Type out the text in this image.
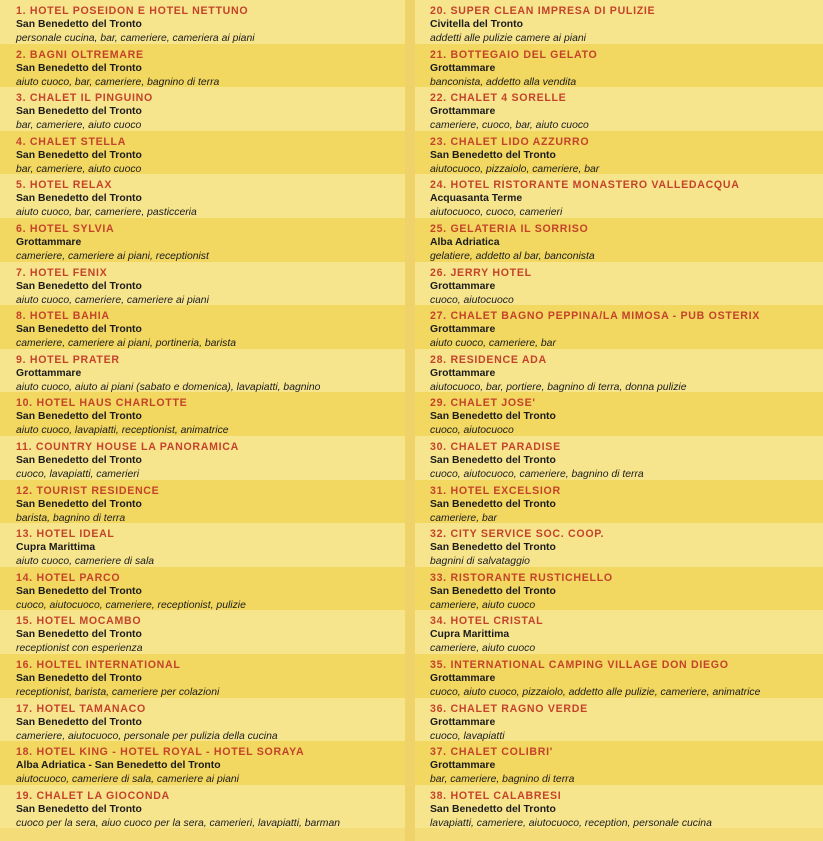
1. HOTEL POSEIDON E HOTEL NETTUNO
San Benedetto del Tronto
personale cucina, bar, cameriere, cameriera ai piani
2. BAGNI OLTREMARE
San Benedetto del Tronto
aiuto cuoco, bar, cameriere, bagnino di terra
3. CHALET IL PINGUINO
San Benedetto del Tronto
bar, cameriere, aiuto cuoco
4. CHALET STELLA
San Benedetto del Tronto
bar, cameriere, aiuto cuoco
5. HOTEL RELAX
San Benedetto del Tronto
aiuto cuoco, bar, cameriere, pasticceria
6. HOTEL SYLVIA
Grottammare
cameriere, cameriere ai piani, receptionist
7. HOTEL FENIX
San Benedetto del Tronto
aiuto cuoco, cameriere, cameriere ai piani
8. HOTEL BAHIA
San Benedetto del Tronto
cameriere, cameriere ai piani, portineria, barista
9. HOTEL PRATER
Grottammare
aiuto cuoco, aiuto ai piani (sabato e domenica), lavapiatti, bagnino
10. HOTEL HAUS CHARLOTTE
San Benedetto del Tronto
aiuto cuoco, lavapiatti, receptionist, animatrice
11. COUNTRY HOUSE LA PANORAMICA
San Benedetto del Tronto
cuoco, lavapiatti, camerieri
12. TOURIST RESIDENCE
San Benedetto del Tronto
barista, bagnino di terra
13. HOTEL IDEAL
Cupra Marittima
aiuto cuoco, cameriere di sala
14. HOTEL PARCO
San Benedetto del Tronto
cuoco, aiutocuoco, cameriere, receptionist, pulizie
15. HOTEL MOCAMBO
San Benedetto del Tronto
receptionist con esperienza
16. HOLTEL INTERNATIONAL
San Benedetto del Tronto
receptionist, barista, cameriere per colazioni
17. HOTEL TAMANACO
San Benedetto del Tronto
cameriere, aiutocuoco, personale per pulizia della cucina
18. HOTEL KING - HOTEL ROYAL - HOTEL SORAYA
Alba Adriatica - San Benedetto del Tronto
aiutocuoco, cameriere di sala, cameriere ai piani
19. CHALET LA GIOCONDA
San Benedetto del Tronto
cuoco per la sera, aiuo cuoco per la sera, camerieri, lavapiatti, barman
20. SUPER CLEAN IMPRESA DI PULIZIE
Civitella del Tronto
addetti alle pulizie camere ai piani
21. BOTTEGAIO DEL GELATO
Grottammare
banconista, addetto alla vendita
22. CHALET 4 SORELLE
Grottammare
cameriere, cuoco, bar, aiuto cuoco
23. CHALET LIDO AZZURRO
San Benedetto del Tronto
aiutocuoco, pizzaiolo, cameriere, bar
24. HOTEL RISTORANTE MONASTERO VALLEDACQUA
Acquasanta Terme
aiutocuoco, cuoco, camerieri
25. GELATERIA IL SORRISO
Alba Adriatica
gelatiere, addetto al bar, banconista
26. JERRY HOTEL
Grottammare
cuoco, aiutocuoco
27. CHALET BAGNO PEPPINA/LA MIMOSA - PUB OSTERIX
Grottammare
aiuto cuoco, cameriere, bar
28. RESIDENCE ADA
Grottammare
aiutocuoco, bar, portiere, bagnino di terra, donna pulizie
29. CHALET JOSE'
San Benedetto del Tronto
cuoco, aiutocuoco
30. CHALET PARADISE
San Benedetto del Tronto
cuoco, aiutocuoco, cameriere, bagnino di terra
31. HOTEL EXCELSIOR
San Benedetto del Tronto
cameriere, bar
32. CITY SERVICE SOC. COOP.
San Benedetto del Tronto
bagnini di salvataggio
33. RISTORANTE RUSTICHELLO
San Benedetto del Tronto
cameriere, aiuto cuoco
34. HOTEL CRISTAL
Cupra Marittima
cameriere, aiuto cuoco
35. INTERNATIONAL CAMPING VILLAGE DON DIEGO
Grottammare
cuoco, aiuto cuoco, pizzaiolo, addetto alle pulizie, cameriere, animatrice
36. CHALET RAGNO VERDE
Grottammare
cuoco, lavapiatti
37. CHALET COLIBRI'
Grottammare
bar, cameriere, bagnino di terra
38. HOTEL CALABRESI
San Benedetto del Tronto
lavapiatti, cameriere, aiutocuoco, reception, personale cucina
